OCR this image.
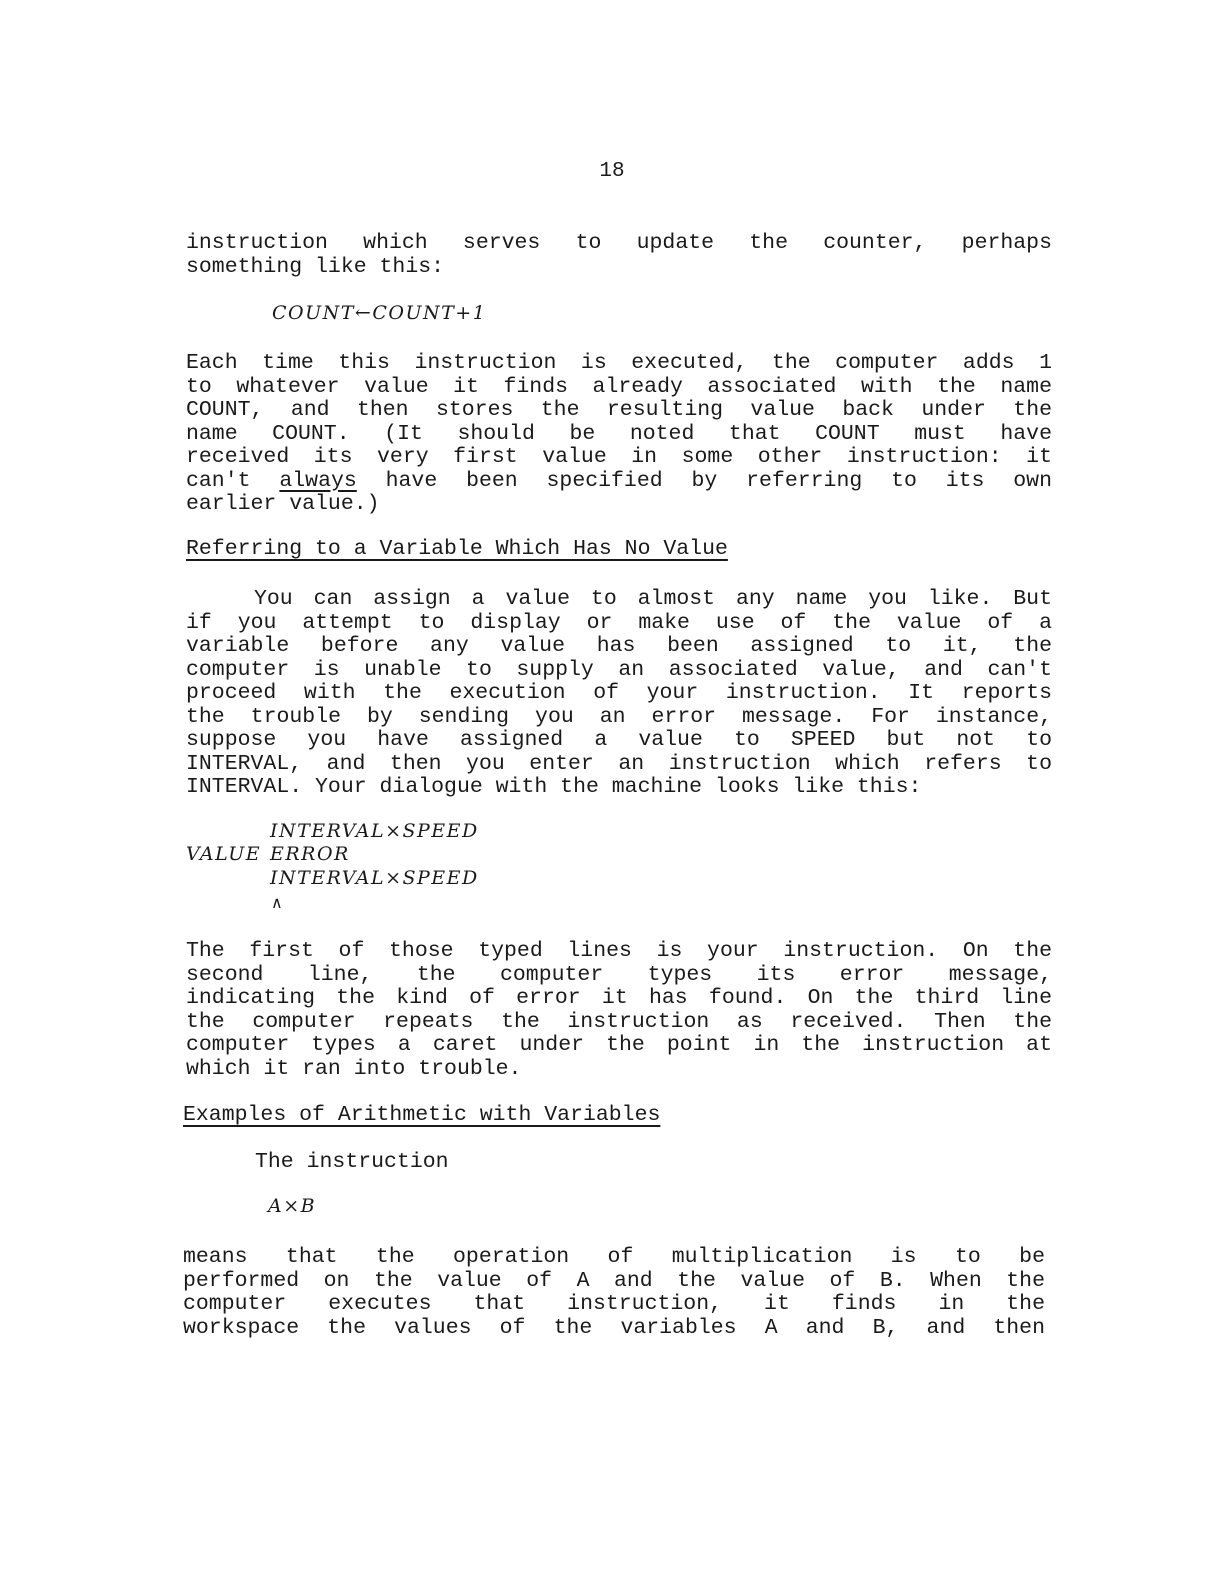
18
instruction which serves to update the counter, perhaps
something like this:
COUNT←COUNT+1
Each time this instruction is executed, the computer adds 1
to whatever value it finds already associated with the name
COUNT, and then stores the resulting value back under the
name COUNT. (It should be noted that COUNT must have
received its very first value in some other instruction: it
can't always have been specified by referring to its own
earlier value.)
Referring to a Variable Which Has No Value
You can assign a value to almost any name you like. But
if you attempt to display or make use of the value of a
variable before any value has been assigned to it, the
computer is unable to supply an associated value, and can't
proceed with the execution of your instruction. It reports
the trouble by sending you an error message. For instance,
suppose you have assigned a value to SPEED but not to
INTERVAL, and then you enter an instruction which refers to
INTERVAL. Your dialogue with the machine looks like this:
INTERVAL×SPEED
VALUE ERROR
INTERVAL×SPEED
∧
The first of those typed lines is your instruction. On the
second line, the computer types its error message,
indicating the kind of error it has found. On the third line
the computer repeats the instruction as received. Then the
computer types a caret under the point in the instruction at
which it ran into trouble.
Examples of Arithmetic with Variables
The instruction
A×B
means that the operation of multiplication is to be
performed on the value of A and the value of B. When the
computer executes that instruction, it finds in the
workspace the values of the variables A and B, and then
